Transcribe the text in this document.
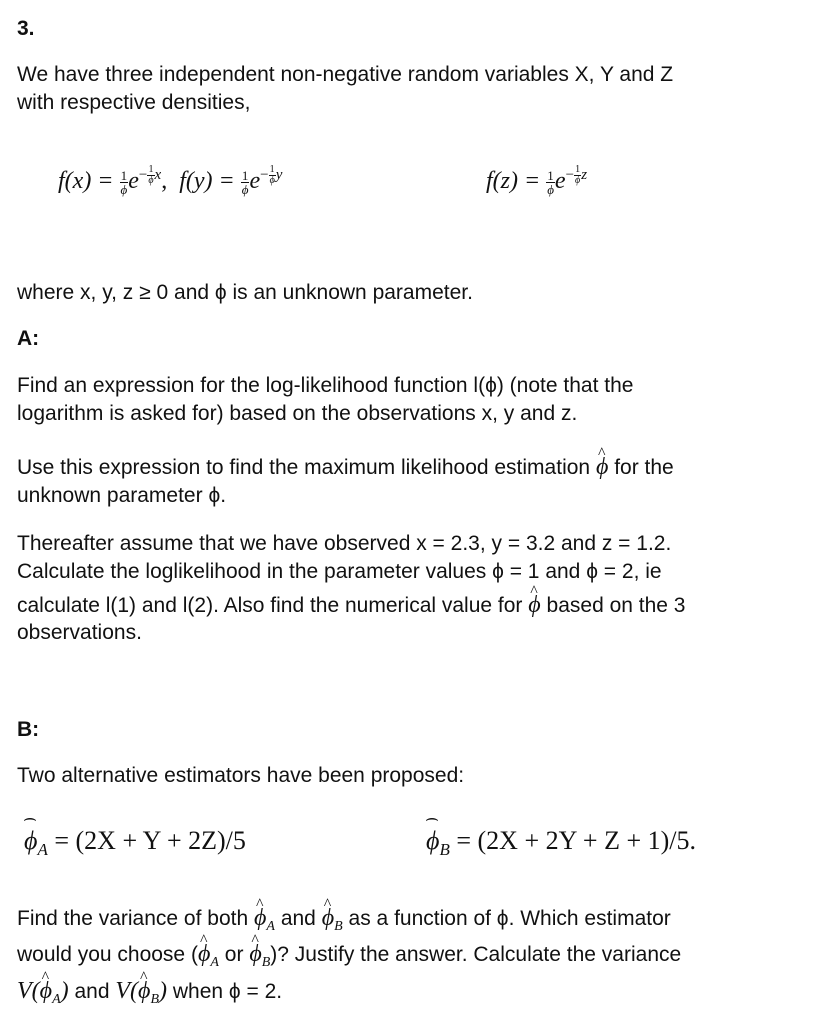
3.
We have three independent non-negative random variables X, Y and Z
with respective densities,
$f(x) = \frac{1}{\phi} e^{- \frac{1}{\phi} x}$, $f(y) = \frac{1}{\phi} e^{- \frac{1}{\phi} y}$	$f(z) = \frac{1}{\phi} e^{- \frac{1}{\phi} z}$
where x, y, z ≥ 0 and ϕ is an unknown parameter.
A:
Find an expression for the log-likelihood function l(ϕ) (note that the
logarithm is asked for) based on the observations x, y and z.
Use this expression to find the maximum likelihood estimation ^ ϕ for the
unknown parameter ϕ.
Thereafter assume that we have observed x = 2.3, y = 3.2 and z = 1.2.
Calculate the loglikelihood in the parameter values ϕ = 1 and ϕ = 2, ie
calculate l(1) and l(2). Also find the numerical value for ^ ϕ based on the 3
observations.
B:
Two alternative estimators have been proposed:
⌢ $\phi_A = (2X + Y + 2Z)/5$	⌢ $\phi_B = (2X + 2Y + Z + 1)/5$.
Find the variance of both ^ $\phi_A$ and ^ $\phi_B$ as a function of ϕ. Which estimator
would you choose (^ $\phi_A$ or ^ $\phi_B$)? Justify the answer. Calculate the variance
V(^ $\phi_A$) and V(^ $\phi_B$) when ϕ = 2.
